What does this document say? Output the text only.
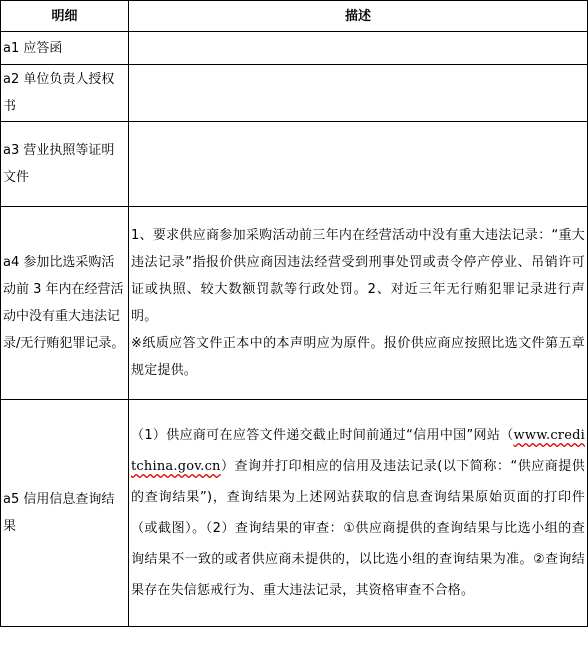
明细	描述
a1 应答函	
a2 单位负责人授权书	
a3 营业执照等证明文件	
a4 参加比选采购活动前 3 年内在经营活动中没有重大违法记录/无行贿犯罪记录。	1、要求供应商参加采购活动前三年内在经营活动中没有重大违法记录：“重大违法记录”指报价供应商因违法经营受到刑事处罚或责令停产停业、吊销许可证或执照、较大数额罚款等行政处罚。2、对近三年无行贿犯罪记录进行声明。

※纸质应答文件正本中的本声明应为原件。报价供应商应按照比选文件第五章规定提供。

a5 信用信息查询结果	（1）供应商可在应答文件递交截止时间前通过“信用中国”网站（www.creditchina.gov.cn）查询并打印相应的信用及违法记录(以下简称：“供应商提供的查询结果”)，查询结果为上述网站获取的信息查询结果原始页面的打印件（或截图）。（2）查询结果的审查：①供应商提供的查询结果与比选小组的查询结果不一致的或者供应商未提供的，以比选小组的查询结果为准。②查询结果存在失信惩戒行为、重大违法记录，其资格审查不合格。
